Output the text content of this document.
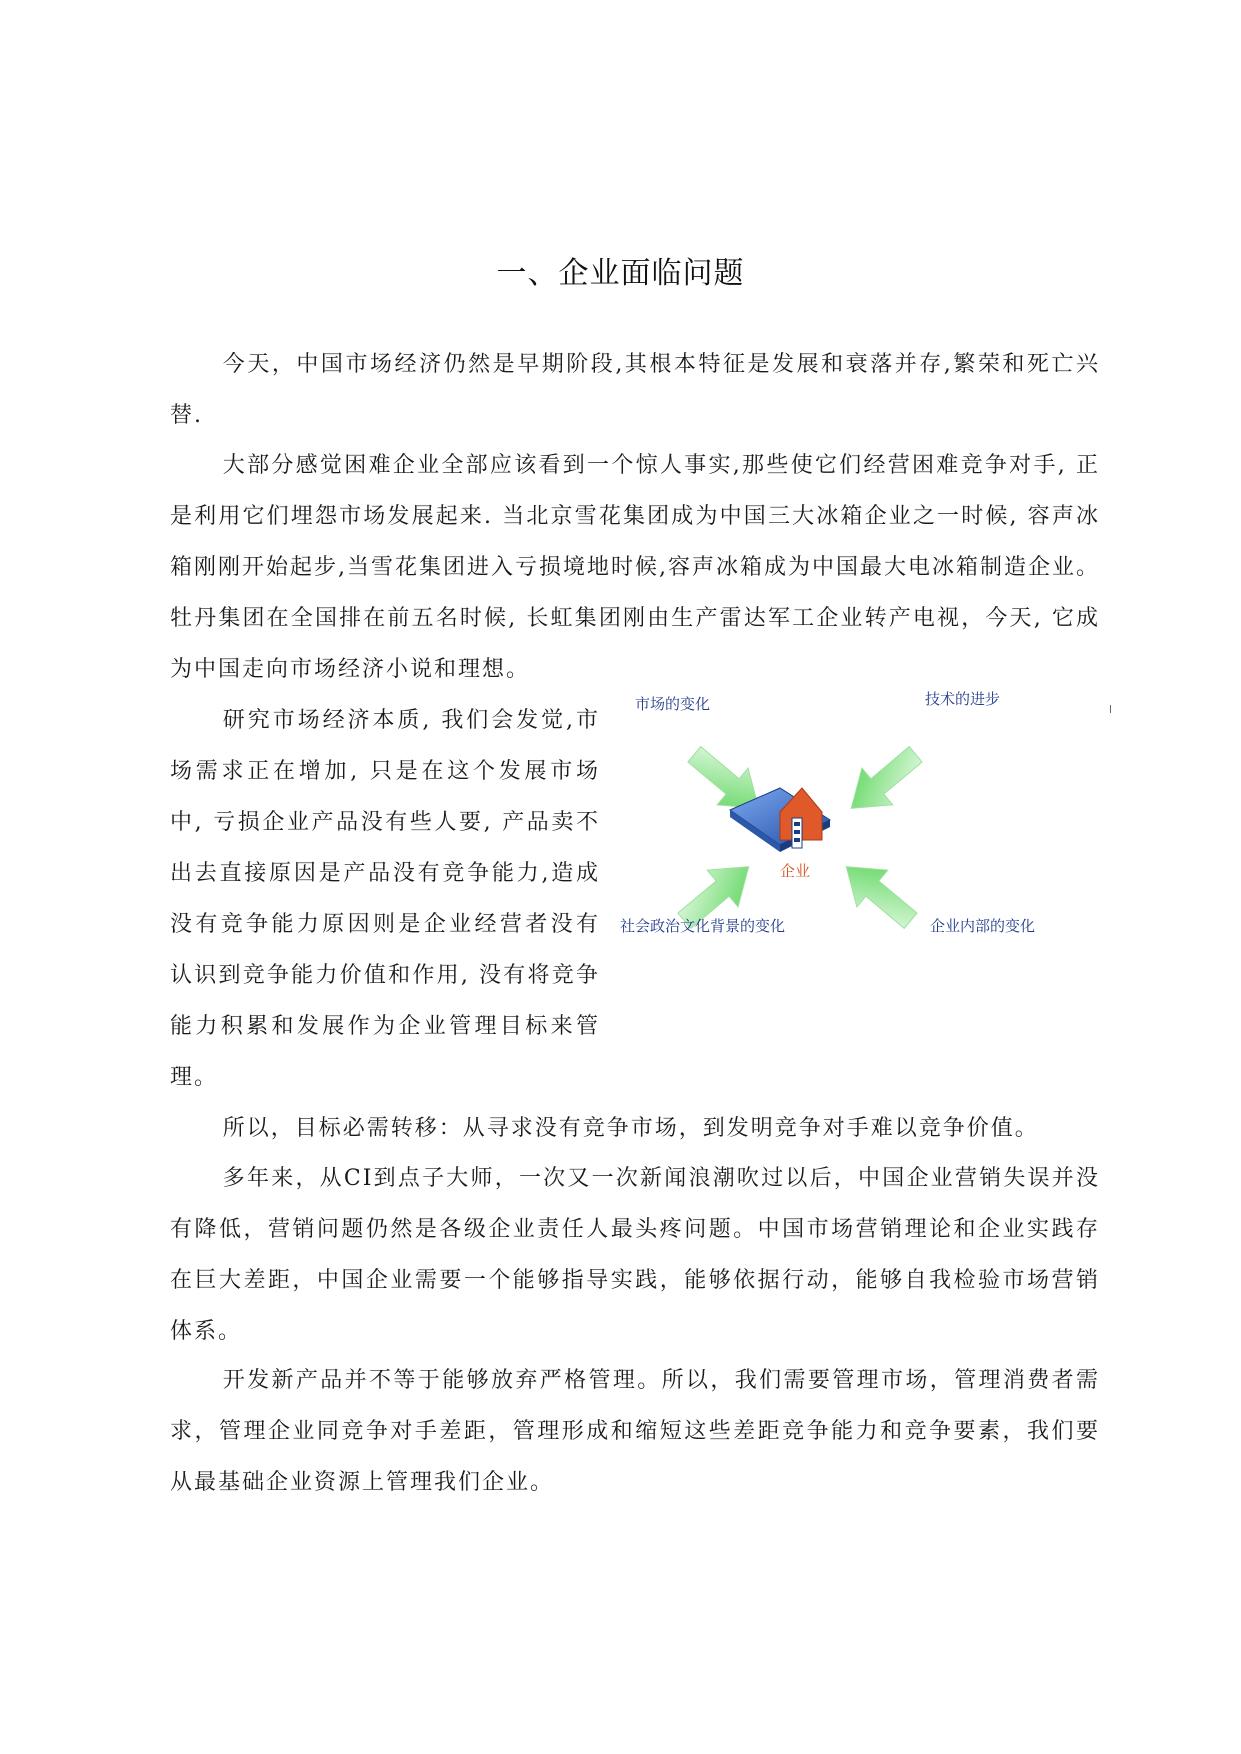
一、企业面临问题

今天，中国市场经济仍然是早期阶段,其根本特征是发展和衰落并存,繁荣和死亡兴替.

大部分感觉困难企业全部应该看到一个惊人事实,那些使它们经营困难竞争对手, 正是利用它们埋怨市场发展起来. 当北京雪花集团成为中国三大冰箱企业之一时候, 容声冰箱刚刚开始起步,当雪花集团进入亏损境地时候,容声冰箱成为中国最大电冰箱制造企业。牡丹集团在全国排在前五名时候, 长虹集团刚由生产雷达军工企业转产电视，今天, 它成为中国走向市场经济小说和理想。

研究市场经济本质, 我们会发觉,市场需求正在增加, 只是在这个发展市场中, 亏损企业产品没有些人要, 产品卖不出去直接原因是产品没有竞争能力,造成没有竞争能力原因则是企业经营者没有认识到竞争能力价值和作用, 没有将竞争能力积累和发展作为企业管理目标来管理。

市场的变化	技术的进步
企业
社会政治文化背景的变化	企业内部的变化

所以，目标必需转移：从寻求没有竞争市场，到发明竞争对手难以竞争价值。

多年来，从CI到点子大师，一次又一次新闻浪潮吹过以后，中国企业营销失误并没有降低，营销问题仍然是各级企业责任人最头疼问题。中国市场营销理论和企业实践存在巨大差距，中国企业需要一个能够指导实践，能够依据行动，能够自我检验市场营销体系。

开发新产品并不等于能够放弃严格管理。所以，我们需要管理市场，管理消费者需求，管理企业同竞争对手差距，管理形成和缩短这些差距竞争能力和竞争要素，我们要从最基础企业资源上管理我们企业。
